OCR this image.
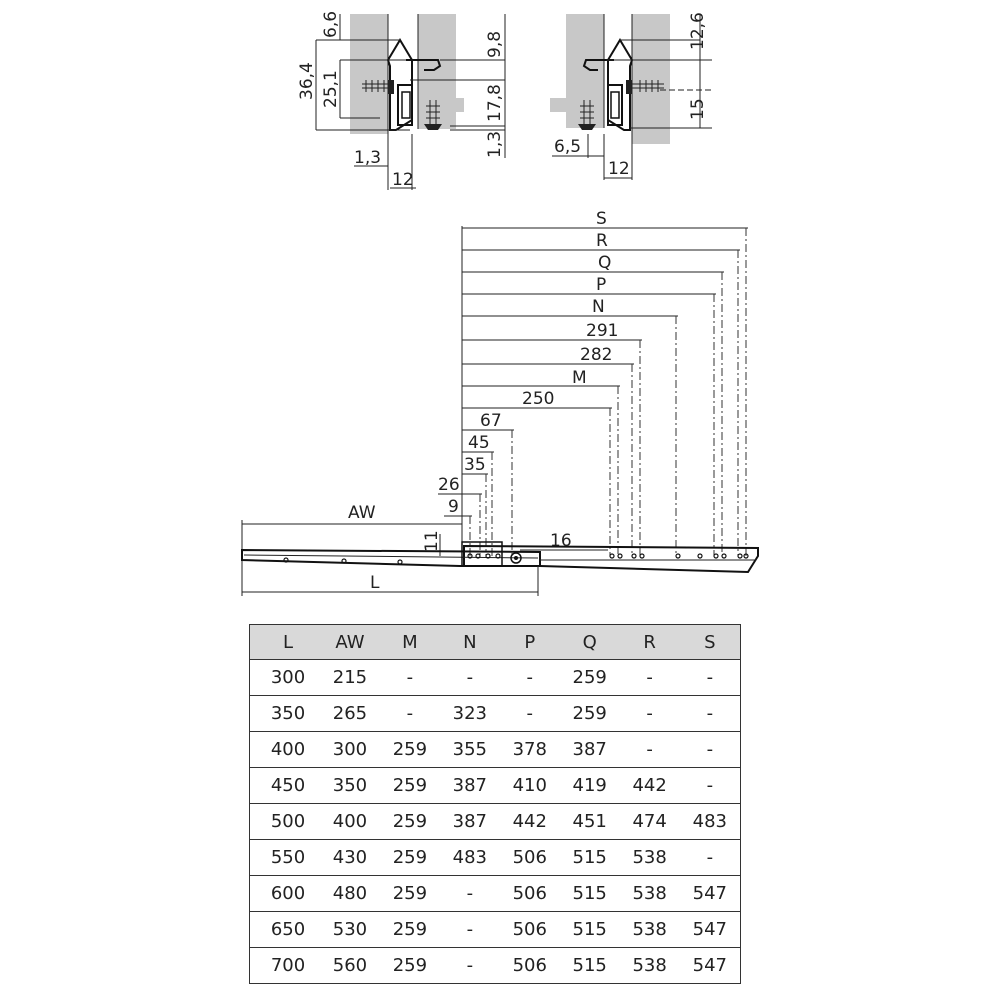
6,6
36,4 25,1
9,8
17,8
1,3
1,3
12
12,6
15
6,5
12
S
R
Q
P
N
291
282
M
250
67
45
35
26
9
AW
11	16
L
L	AW	M	N	P	Q	R	S
300	215	-	-	-	259	-	-
350	265	-	323	-	259	-	-
400	300	259	355	378	387	-	-
450	350	259	387	410	419	442	-
500	400	259	387	442	451	474	483
550	430	259	483	506	515	538	-
600	480	259	-	506	515	538	547
650	530	259	-	506	515	538	547
700	560	259	-	506	515	538	547
